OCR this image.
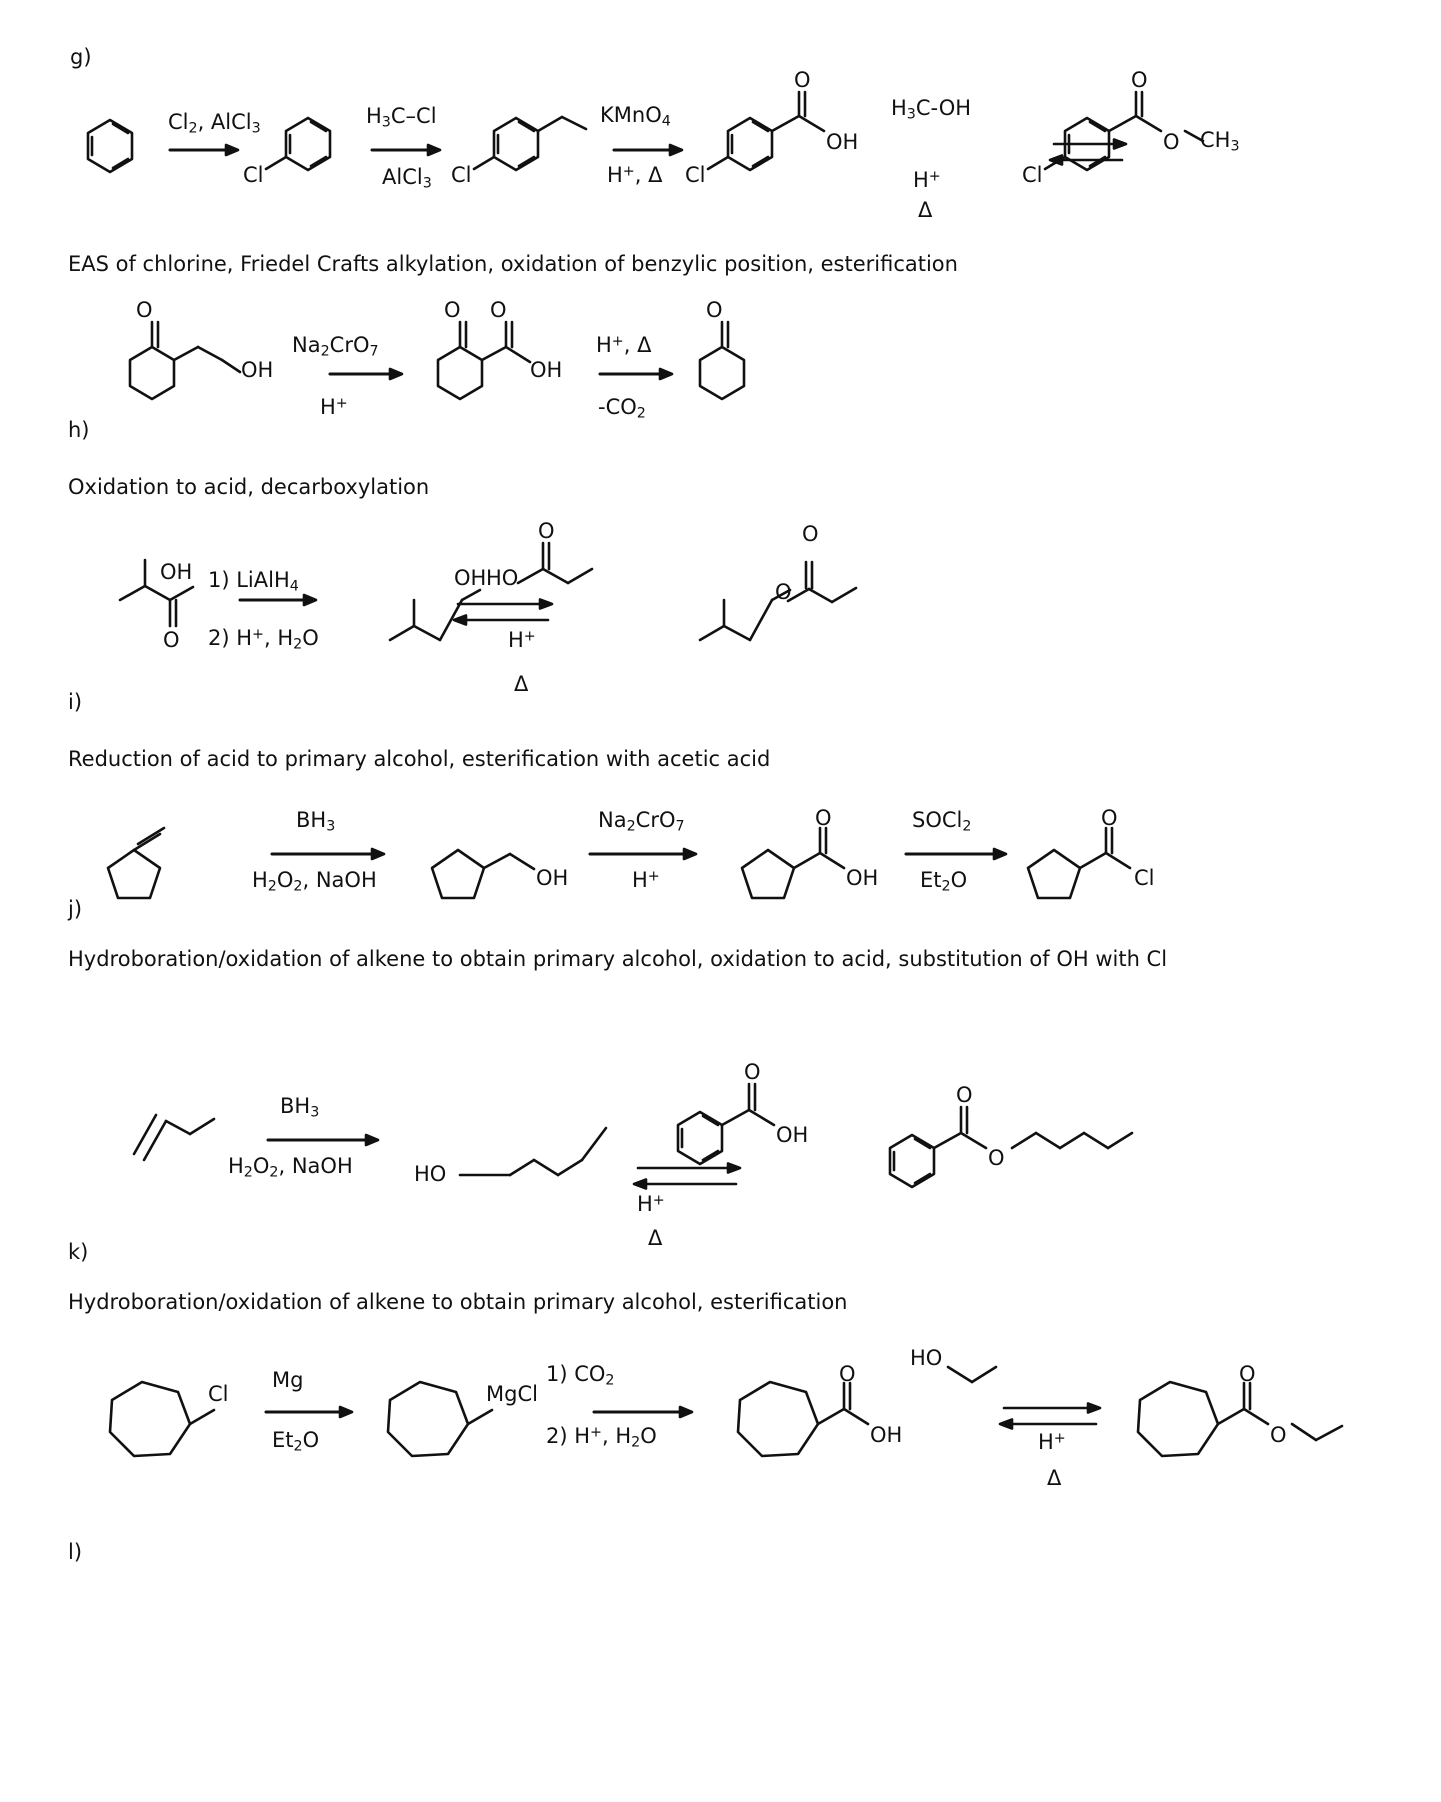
g)
$Cl_2$, AlCl$_3$
Cl
$H_3C-Cl$
AlCl$_3$ Cl
KMnO$_4$
H+, Δ Cl
O
OH
$H_3C-OH$
H+
Δ
Cl
O
O $CH_3$
EAS of chlorine, Friedel Crafts alkylation, oxidation of benzylic position, esterification
h)
O
OH
$Na_2CrO_7$
H+
O O
OH
H+, Δ
$-CO_2$
O
Oxidation to acid, decarboxylation
i)
OH
O
1) LiAlH$_4$
2) H+, $H_2O$
OH HO
O
H+
Δ
O
O
Reduction of acid to primary alcohol, esterification with acetic acid
j)
$BH_3$
$H_2O_2$, NaOH	OH
$Na_2CrO_7$
H+
O
OH
SOCl$_2$
$Et_2O$
O
Cl
Hydroboration/oxidation of alkene to obtain primary alcohol, oxidation to acid, substitution of OH with Cl
k)
$BH_3$
$H_2O_2$, NaOH	HO
O
OH
H+
Δ
O
O
Hydroboration/oxidation of alkene to obtain primary alcohol, esterification
l)
Cl
Mg
$Et_2O$
MgCl
1) $CO_2$
2) H+, $H_2O$
O
OH
HO
H+
Δ
O
O
